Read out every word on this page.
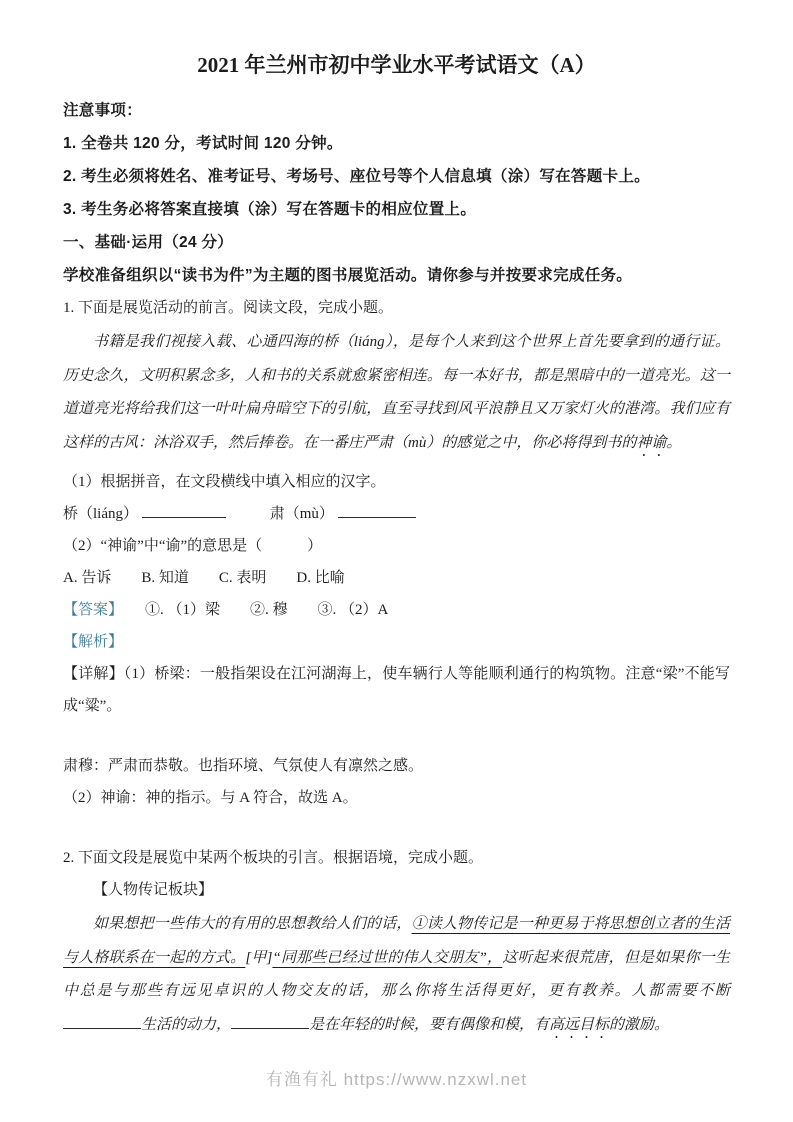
2021 年兰州市初中学业水平考试语文（A）
注意事项：
1. 全卷共 120 分，考试时间 120 分钟。
2. 考生必须将姓名、准考证号、考场号、座位号等个人信息填（涂）写在答题卡上。
3. 考生务必将答案直接填（涂）写在答题卡的相应位置上。
一、基础·运用（24 分）
学校准备组织以“读书为件”为主题的图书展览活动。请你参与并按要求完成任务。
1. 下面是展览活动的前言。阅读文段，完成小题。
书籍是我们视接入载、心通四海的桥（liáng），是每个人来到这个世界上首先要拿到的通行证。历史念久，文明积累念多，人和书的关系就愈紧密相连。每一本好书，都是黑暗中的一道亮光。这一道道亮光将给我们这一叶叶扁舟暗空下的引航，直至寻找到风平浪静且又万家灯火的港湾。我们应有这样的古风：沐浴双手，然后捧卷。在一番庄严肃（mù）的感觉之中，你必将得到书的神谕。
（1）根据拼音，在文段横线中填入相应的汉字。
桥（liáng）	肃（mù）
（2）“神谕”中“谕”的意思是（　　　）
A. 告诉 B. 知道 C. 表明 D. 比喻
【答案】 ①. （1）梁　　②. 穆　　③. （2）A
【解析】
【详解】（1）桥梁：一般指架设在江河湖海上，使车辆行人等能顺利通行的构筑物。注意“梁”不能写成“粱”。
肃穆：严肃而恭敬。也指环境、气氛使人有凛然之感。
（2）神谕：神的指示。与 A 符合，故选 A。
2. 下面文段是展览中某两个板块的引言。根据语境，完成小题。
【人物传记板块】
如果想把一些伟大的有用的思想教给人们的话，①读人物传记是一种更易于将思想创立者的生活与人格联系在一起的方式。[甲]“同那些已经过世的伟人交朋友”，这听起来很荒唐，但是如果你一生中总是与那些有远见卓识的人物交友的话，那么你将生活得更好，更有教养。人都需要不断生活的动力，	是在年轻的时候，要有偶像和模，有高远目标的激励。
有渔有礼 https://www.nzxwl.net
